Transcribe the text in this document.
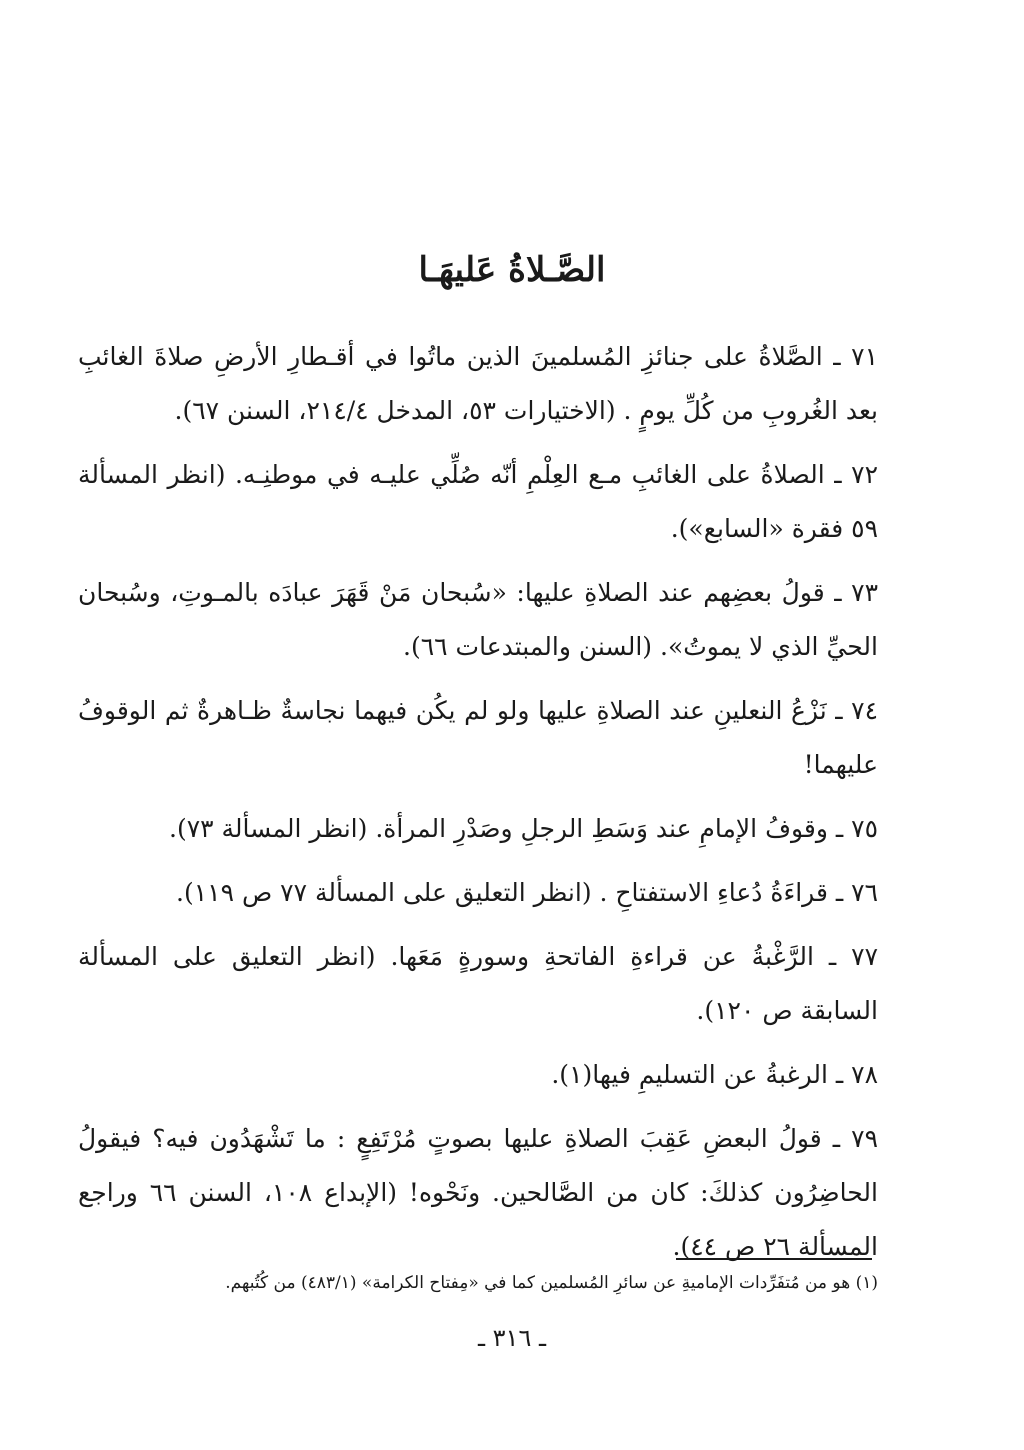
الصَّـلاةُ عَليهَـا

٧١ ـ الصَّلاةُ على جنائزِ المُسلمينَ الذين ماتُوا في أقـطارِ الأرضِ صلاةَ الغائبِ بعد الغُروبِ من كُلِّ يومٍ . (الاختيارات ٥٣، المدخل ٢١٤/٤، السنن ٦٧).

٧٢ ـ الصلاةُ على الغائبِ مـع العِلْمِ أنّه صُلِّي عليـه في موطنِـه. (انظر المسألة ٥٩ فقرة «السابع»).

٧٣ ـ قولُ بعضِهم عند الصلاةِ عليها: «سُبحان مَنْ قَهَرَ عبادَه بالمـوتِ، وسُبحان الحيِّ الذي لا يموتُ». (السنن والمبتدعات ٦٦).

٧٤ ـ نَزْعُ النعلينِ عند الصلاةِ عليها ولو لم يكُن فيهما نجاسةٌ ظـاهرةٌ ثم الوقوفُ عليهما!

٧٥ ـ وقوفُ الإمامِ عند وَسَطِ الرجلِ وصَدْرِ المرأة. (انظر المسألة ٧٣).

٧٦ ـ قراءَةُ دُعاءِ الاستفتاحِ . (انظر التعليق على المسألة ٧٧ ص ١١٩).

٧٧ ـ الرَّغْبةُ عن قراءةِ الفاتحةِ وسورةٍ مَعَها. (انظر التعليق على المسألة السابقة ص ١٢٠).

٧٨ ـ الرغبةُ عن التسليمِ فيها(١).

٧٩ ـ قولُ البعضِ عَقِبَ الصلاةِ عليها بصوتٍ مُرْتَفِعٍ : ما تَشْهَدُون فيه؟ فيقولُ الحاضِرُون كذلكَ: كان من الصَّالحين. ونَحْوه! (الإبداع ١٠٨، السنن ٦٦ وراجع المسألة ٢٦ ص ٤٤).

(١) هو من مُتفَرِّدات الإماميةِ عن سائرِ المُسلمين كما في «مِفتاح الكرامة» (٤٨٣/١) من كُتُبهم.

ـ ٣١٦ ـ
